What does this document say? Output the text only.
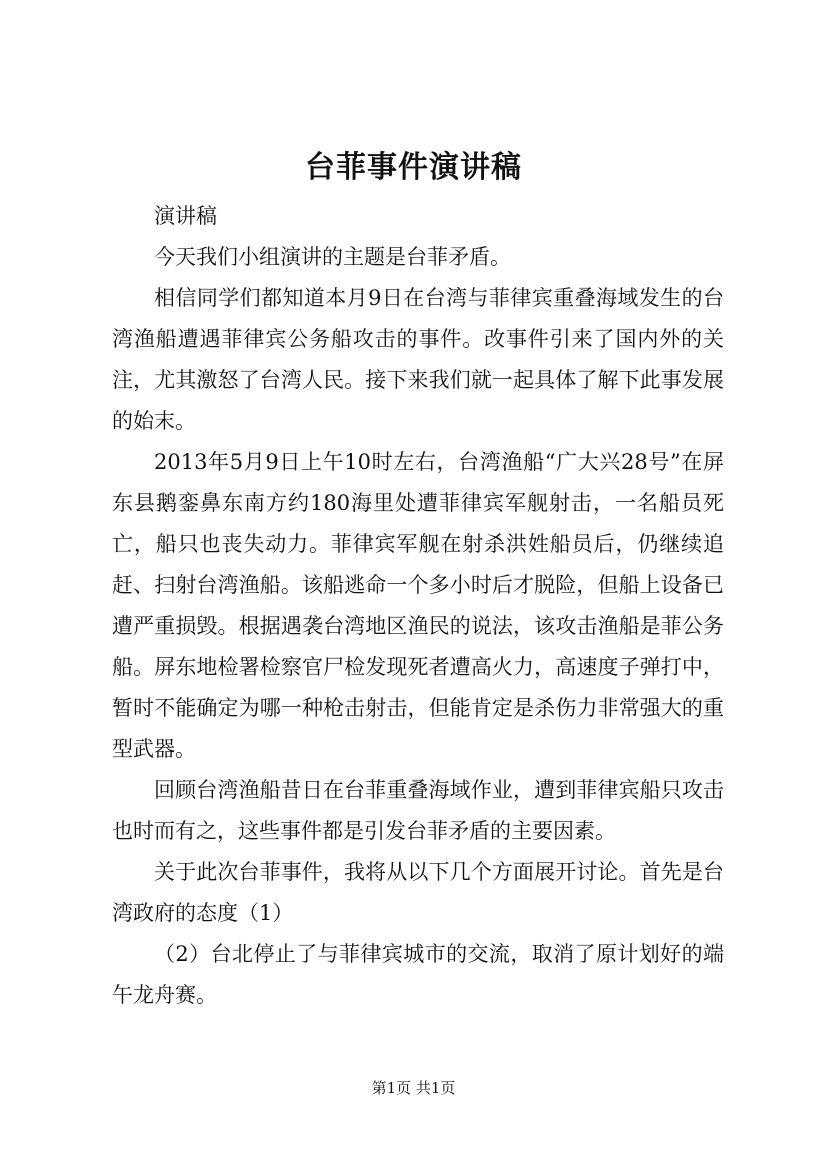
台菲事件演讲稿

演讲稿

今天我们小组演讲的主题是台菲矛盾。

相信同学们都知道本月9日在台湾与菲律宾重叠海域发生的台湾渔船遭遇菲律宾公务船攻击的事件。改事件引来了国内外的关注，尤其激怒了台湾人民。接下来我们就一起具体了解下此事发展的始末。

2013年5月9日上午10时左右，台湾渔船“广大兴28号”在屏东县鹅銮鼻东南方约180海里处遭菲律宾军舰射击，一名船员死亡，船只也丧失动力。菲律宾军舰在射杀洪姓船员后，仍继续追赶、扫射台湾渔船。该船逃命一个多小时后才脱险，但船上设备已遭严重损毁。根据遇袭台湾地区渔民的说法，该攻击渔船是菲公务船。屏东地检署检察官尸检发现死者遭高火力，高速度子弹打中，暂时不能确定为哪一种枪击射击，但能肯定是杀伤力非常强大的重型武器。

回顾台湾渔船昔日在台菲重叠海域作业，遭到菲律宾船只攻击也时而有之，这些事件都是引发台菲矛盾的主要因素。

关于此次台菲事件，我将从以下几个方面展开讨论。首先是台湾政府的态度（1）

（2）台北停止了与菲律宾城市的交流，取消了原计划好的端午龙舟赛。

第1页 共1页
